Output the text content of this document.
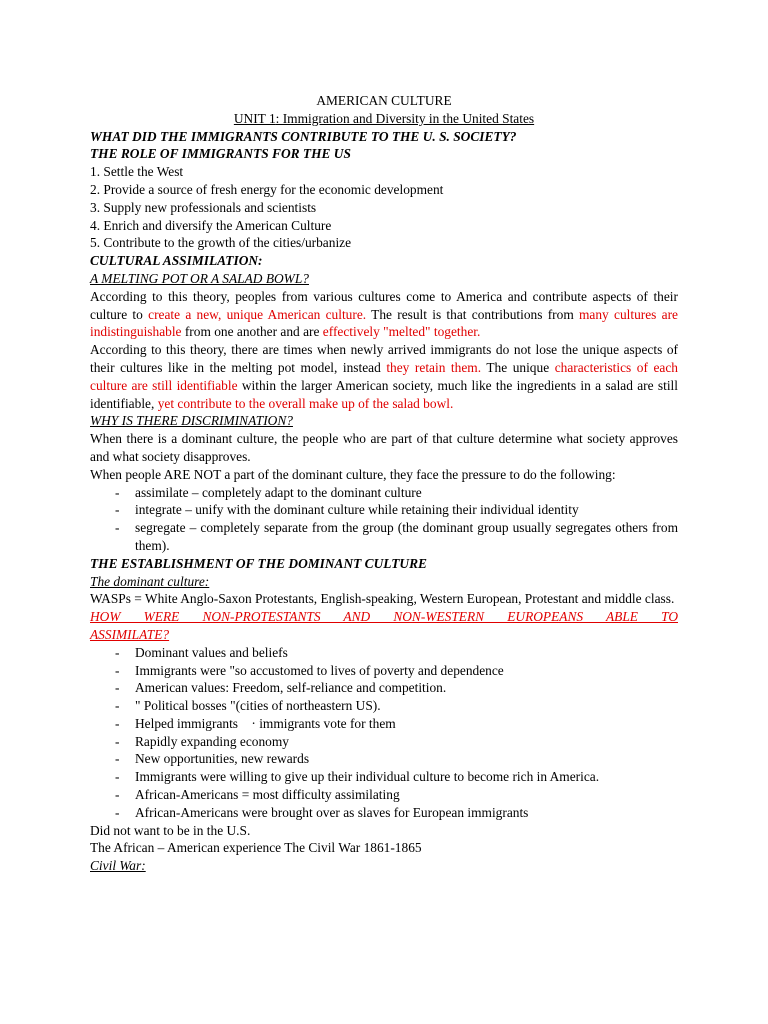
AMERICAN CULTURE

UNIT 1: Immigration and Diversity in the United States

WHAT DID THE IMMIGRANTS CONTRIBUTE TO THE U. S. SOCIETY?

THE ROLE OF IMMIGRANTS FOR THE US

1. Settle the West

2. Provide a source of fresh energy for the economic development

3. Supply new professionals and scientists

4. Enrich and diversify the American Culture

5. Contribute to the growth of the cities/urbanize

CULTURAL ASSIMILATION:

A MELTING POT OR A SALAD BOWL?

According to this theory, peoples from various cultures come to America and contribute aspects of their culture to create a new, unique American culture. The result is that contributions from many cultures are indistinguishable from one another and are effectively "melted" together.

According to this theory, there are times when newly arrived immigrants do not lose the unique aspects of their cultures like in the melting pot model, instead they retain them. The unique characteristics of each culture are still identifiable within the larger American society, much like the ingredients in a salad are still identifiable, yet contribute to the overall make up of the salad bowl.

WHY IS THERE DISCRIMINATION?

When there is a dominant culture, the people who are part of that culture determine what society approves and what society disapproves.

When people ARE NOT a part of the dominant culture, they face the pressure to do the following:

- assimilate – completely adapt to the dominant culture
- integrate – unify with the dominant culture while retaining their individual identity
- segregate – completely separate from the group (the dominant group usually segregates others from them).

THE ESTABLISHMENT OF THE DOMINANT CULTURE

The dominant culture:

WASPs = White Anglo-Saxon Protestants, English-speaking, Western European, Protestant and middle class.

HOW WERE NON-PROTESTANTS AND NON-WESTERN EUROPEANS ABLE TO

ASSIMILATE?

- Dominant values and beliefs
- Immigrants were "so accustomed to lives of poverty and dependence
- American values: Freedom, self-reliance and competition.
- " Political bosses "(cities of northeastern US).
- Helped immigrants    · immigrants vote for them
- Rapidly expanding economy
- New opportunities, new rewards
- Immigrants were willing to give up their individual culture to become rich in America.
- African-Americans = most difficulty assimilating
- African-Americans were brought over as slaves for European immigrants

Did not want to be in the U.S.

The African – American experience The Civil War 1861-1865

Civil War:
